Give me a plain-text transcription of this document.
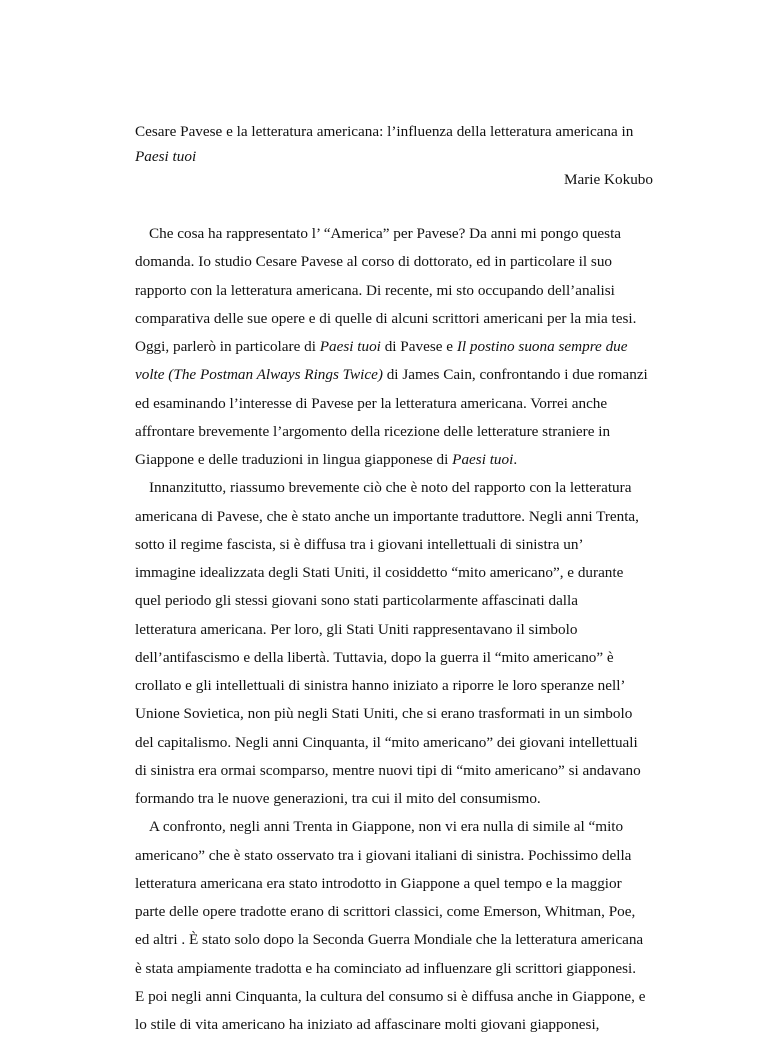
Cesare Pavese e la letteratura americana: l’influenza della letteratura americana in
Paesi tuoi
Marie Kokubo

Che cosa ha rappresentato l’ “America” per Pavese? Da anni mi pongo questa
domanda. Io studio Cesare Pavese al corso di dottorato, ed in particolare il suo
rapporto con la letteratura americana. Di recente, mi sto occupando dell’analisi
comparativa delle sue opere e di quelle di alcuni scrittori americani per la mia tesi.
Oggi, parlerò in particolare di Paesi tuoi di Pavese e Il postino suona sempre due
volte (The Postman Always Rings Twice) di James Cain, confrontando i due romanzi
ed esaminando l’interesse di Pavese per la letteratura americana. Vorrei anche
affrontare brevemente l’argomento della ricezione delle letterature straniere in
Giappone e delle traduzioni in lingua giapponese di Paesi tuoi.

Innanzitutto, riassumo brevemente ciò che è noto del rapporto con la letteratura
americana di Pavese, che è stato anche un importante traduttore. Negli anni Trenta,
sotto il regime fascista, si è diffusa tra i giovani intellettuali di sinistra un’
immagine idealizzata degli Stati Uniti, il cosiddetto “mito americano”, e durante
quel periodo gli stessi giovani sono stati particolarmente affascinati dalla
letteratura americana. Per loro, gli Stati Uniti rappresentavano il simbolo
dell’antifascismo e della libertà. Tuttavia, dopo la guerra il “mito americano” è
crollato e gli intellettuali di sinistra hanno iniziato a riporre le loro speranze nell’
Unione Sovietica, non più negli Stati Uniti, che si erano trasformati in un simbolo
del capitalismo. Negli anni Cinquanta, il “mito americano” dei giovani intellettuali
di sinistra era ormai scomparso, mentre nuovi tipi di “mito americano” si andavano
formando tra le nuove generazioni, tra cui il mito del consumismo.

A confronto, negli anni Trenta in Giappone, non vi era nulla di simile al “mito
americano” che è stato osservato tra i giovani italiani di sinistra. Pochissimo della
letteratura americana era stato introdotto in Giappone a quel tempo e la maggior
parte delle opere tradotte erano di scrittori classici, come Emerson, Whitman, Poe,
ed altri . È stato solo dopo la Seconda Guerra Mondiale che la letteratura americana
è stata ampiamente tradotta e ha cominciato ad influenzare gli scrittori giapponesi.
E poi negli anni Cinquanta, la cultura del consumo si è diffusa anche in Giappone, e
lo stile di vita americano ha iniziato ad affascinare molti giovani giapponesi,
